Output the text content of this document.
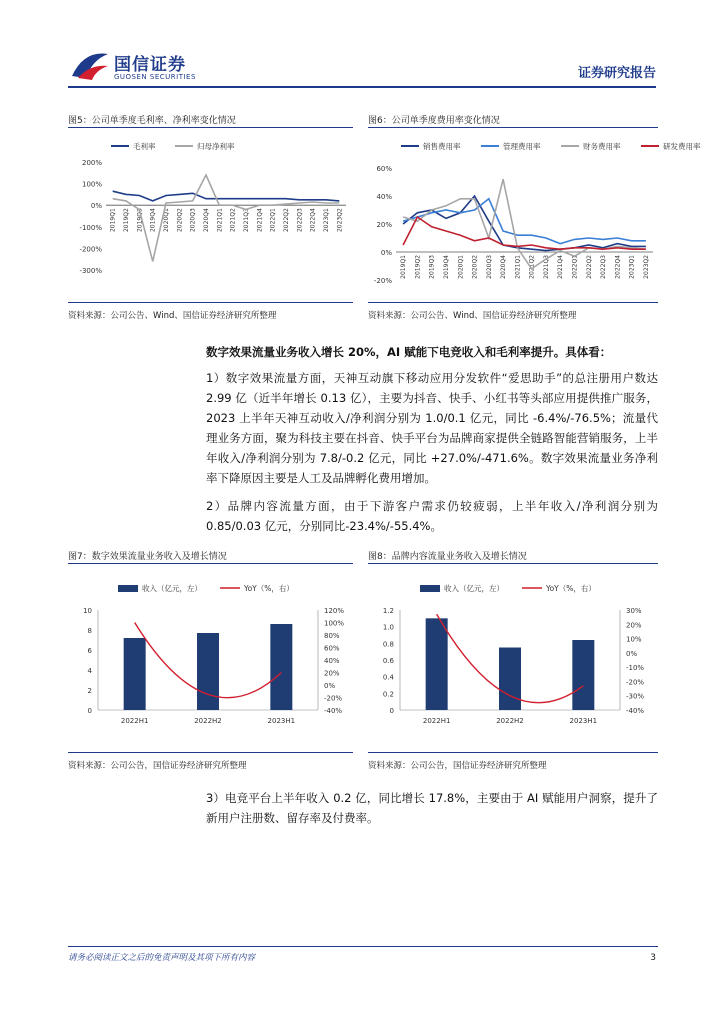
国信证券
GUOSEN SECURITIES	证券研究报告
图5：公司单季度毛利率、净利率变化情况
毛利率	归母净利率
200%
100%
0%
-100%
-200%
-300%
2019Q1 2019Q2 2019Q3 2019Q4 2020Q1 2020Q2 2020Q3 2020Q4 2021Q1 2021Q2 2021Q3 2021Q4 2022Q1 2022Q2 2022Q3 2022Q4 2023Q1 2023Q2
资料来源：公司公告、Wind、国信证券经济研究所整理
图6：公司单季度费用率变化情况
销售费用率	管理费用率	财务费用率	研发费用率
60%
40%
20%
0%
-20%
2019Q1 2019Q2 2019Q3 2019Q4 2020Q1 2020Q2 2020Q3 2020Q4 2021Q1 2021Q2 2021Q3 2021Q4 2022Q1 2022Q2 2022Q3 2022Q4 2023Q1 2023Q2
资料来源：公司公告、Wind、国信证券经济研究所整理
数字效果流量业务收入增长 20%，AI 赋能下电竞收入和毛利率提升。具体看：
1）数字效果流量方面，天神互动旗下移动应用分发软件“爱思助手”的总注册用户数达 2.99 亿（近半年增长 0.13 亿），主要为抖音、快手、小红书等头部应用提供推广服务，2023 上半年天神互动收入/净利润分别为 1.0/0.1 亿元，同比 -6.4%/-76.5%；流量代理业务方面，聚为科技主要在抖音、快手平台为品牌商家提供全链路智能营销服务，上半年收入/净利润分别为 7.8/-0.2 亿元，同比 +27.0%/-471.6%。数字效果流量业务净利率下降原因主要是人工及品牌孵化费用增加。
2）品牌内容流量方面，由于下游客户需求仍较疲弱，上半年收入/净利润分别为 0.85/0.03 亿元，分别同比-23.4%/-55.4%。
图7：数字效果流量业务收入及增长情况
收入（亿元，左）	YoY（%，右）
10
8
6
4
2
0
120%
100%
80%
60%
40%
20%
0%
-20%
-40%
2022H1	2022H2	2023H1
资料来源：公司公告，国信证券经济研究所整理
图8：品牌内容流量业务收入及增长情况
收入（亿元，左）	YoY（%，右）
1.2
1.0
0.8
0.6
0.4
0.2
0
30%
20%
10%
0%
-10%
-20%
-30%
-40%
2022H1	2022H2	2023H1
资料来源：公司公告，国信证券经济研究所整理
3）电竞平台上半年收入 0.2 亿，同比增长 17.8%，主要由于 AI 赋能用户洞察，提升了新用户注册数、留存率及付费率。
请务必阅读正文之后的免责声明及其项下所有内容	3
